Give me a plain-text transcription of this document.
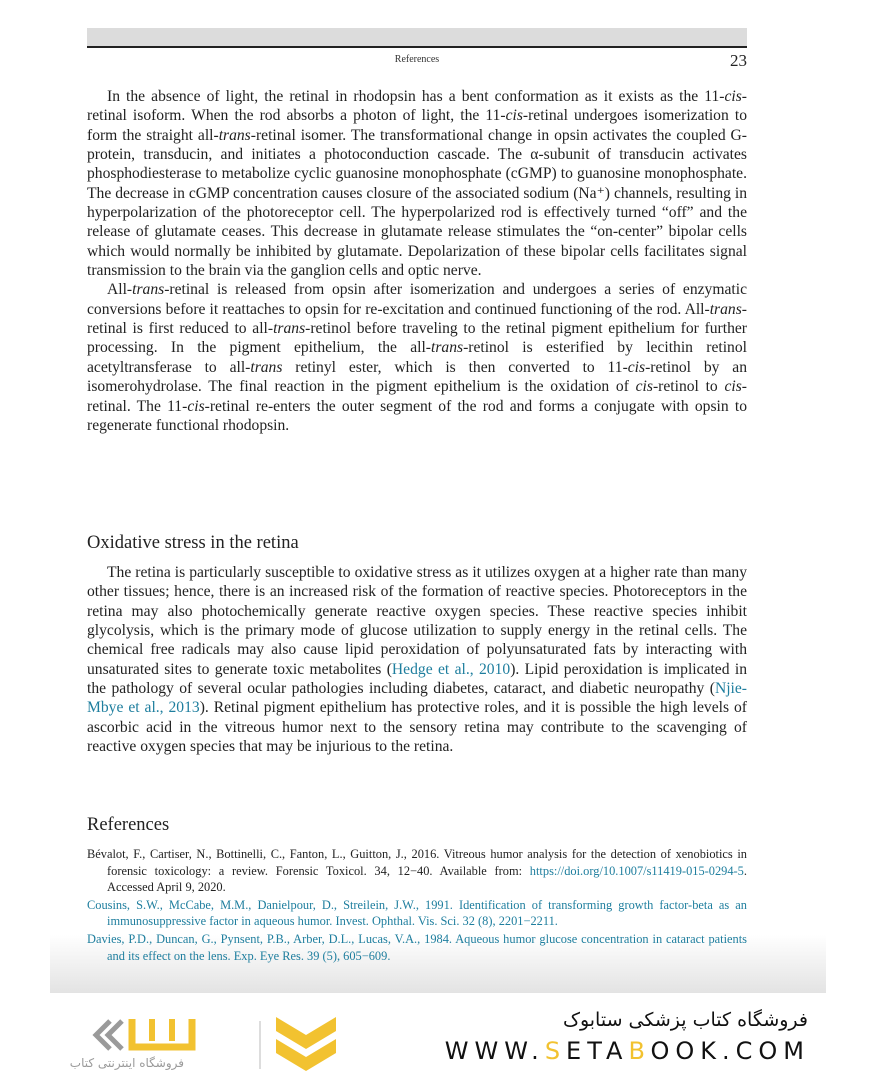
References	23

In the absence of light, the retinal in rhodopsin has a bent conformation as it exists as the 11-cis-retinal isoform. When the rod absorbs a photon of light, the 11-cis-retinal undergoes isomerization to form the straight all-trans-retinal isomer. The transformational change in opsin activates the coupled G-protein, transducin, and initiates a photoconduction cascade. The α-subunit of transducin activates phosphodiesterase to metabolize cyclic guanosine monophosphate (cGMP) to guanosine monophosphate. The decrease in cGMP concentration causes closure of the associated sodium (Na⁺) channels, resulting in hyperpolarization of the photoreceptor cell. The hyperpolarized rod is effectively turned “off” and the release of glutamate ceases. This decrease in glutamate release stimulates the “on-center” bipolar cells which would normally be inhibited by glutamate. Depolarization of these bipolar cells facilitates signal transmission to the brain via the ganglion cells and optic nerve.

All-trans-retinal is released from opsin after isomerization and undergoes a series of enzymatic conversions before it reattaches to opsin for re-excitation and continued functioning of the rod. All-trans-retinal is first reduced to all-trans-retinol before traveling to the retinal pigment epithelium for further processing. In the pigment epithelium, the all-trans-retinol is esterified by lecithin retinol acetyltransferase to all-trans retinyl ester, which is then converted to 11-cis-retinol by an isomerohydrolase. The final reaction in the pigment epithelium is the oxidation of cis-retinol to cis-retinal. The 11-cis-retinal re-enters the outer segment of the rod and forms a conjugate with opsin to regenerate functional rhodopsin.

Oxidative stress in the retina

The retina is particularly susceptible to oxidative stress as it utilizes oxygen at a higher rate than many other tissues; hence, there is an increased risk of the formation of reactive species. Photoreceptors in the retina may also photochemically generate reactive oxygen species. These reactive species inhibit glycolysis, which is the primary mode of glucose utilization to supply energy in the retinal cells. The chemical free radicals may also cause lipid peroxidation of polyunsaturated fats by interacting with unsaturated sites to generate toxic metabolites (Hedge et al., 2010). Lipid peroxidation is implicated in the pathology of several ocular pathologies including diabetes, cataract, and diabetic neuropathy (Njie-Mbye et al., 2013). Retinal pigment epithelium has protective roles, and it is possible the high levels of ascorbic acid in the vitreous humor next to the sensory retina may contribute to the scavenging of reactive oxygen species that may be injurious to the retina.

References
Bévalot, F., Cartiser, N., Bottinelli, C., Fanton, L., Guitton, J., 2016. Vitreous humor analysis for the detection of xenobiotics in forensic toxicology: a review. Forensic Toxicol. 34, 12−40. Available from: https://doi.org/10.1007/s11419-015-0294-5. Accessed April 9, 2020.
Cousins, S.W., McCabe, M.M., Danielpour, D., Streilein, J.W., 1991. Identification of transforming growth factor-beta as an immunosuppressive factor in aqueous humor. Invest. Ophthal. Vis. Sci. 32 (8), 2201−2211.
Davies, P.D., Duncan, G., Pynsent, P.B., Arber, D.L., Lucas, V.A., 1984. Aqueous humor glucose concentration in cataract patients and its effect on the lens. Exp. Eye Res. 39 (5), 605−609.
فروشگاه اینترنتی کتاب
فروشگاه کتاب پزشکی ستابوک
WWW.SETABOOK.COM
